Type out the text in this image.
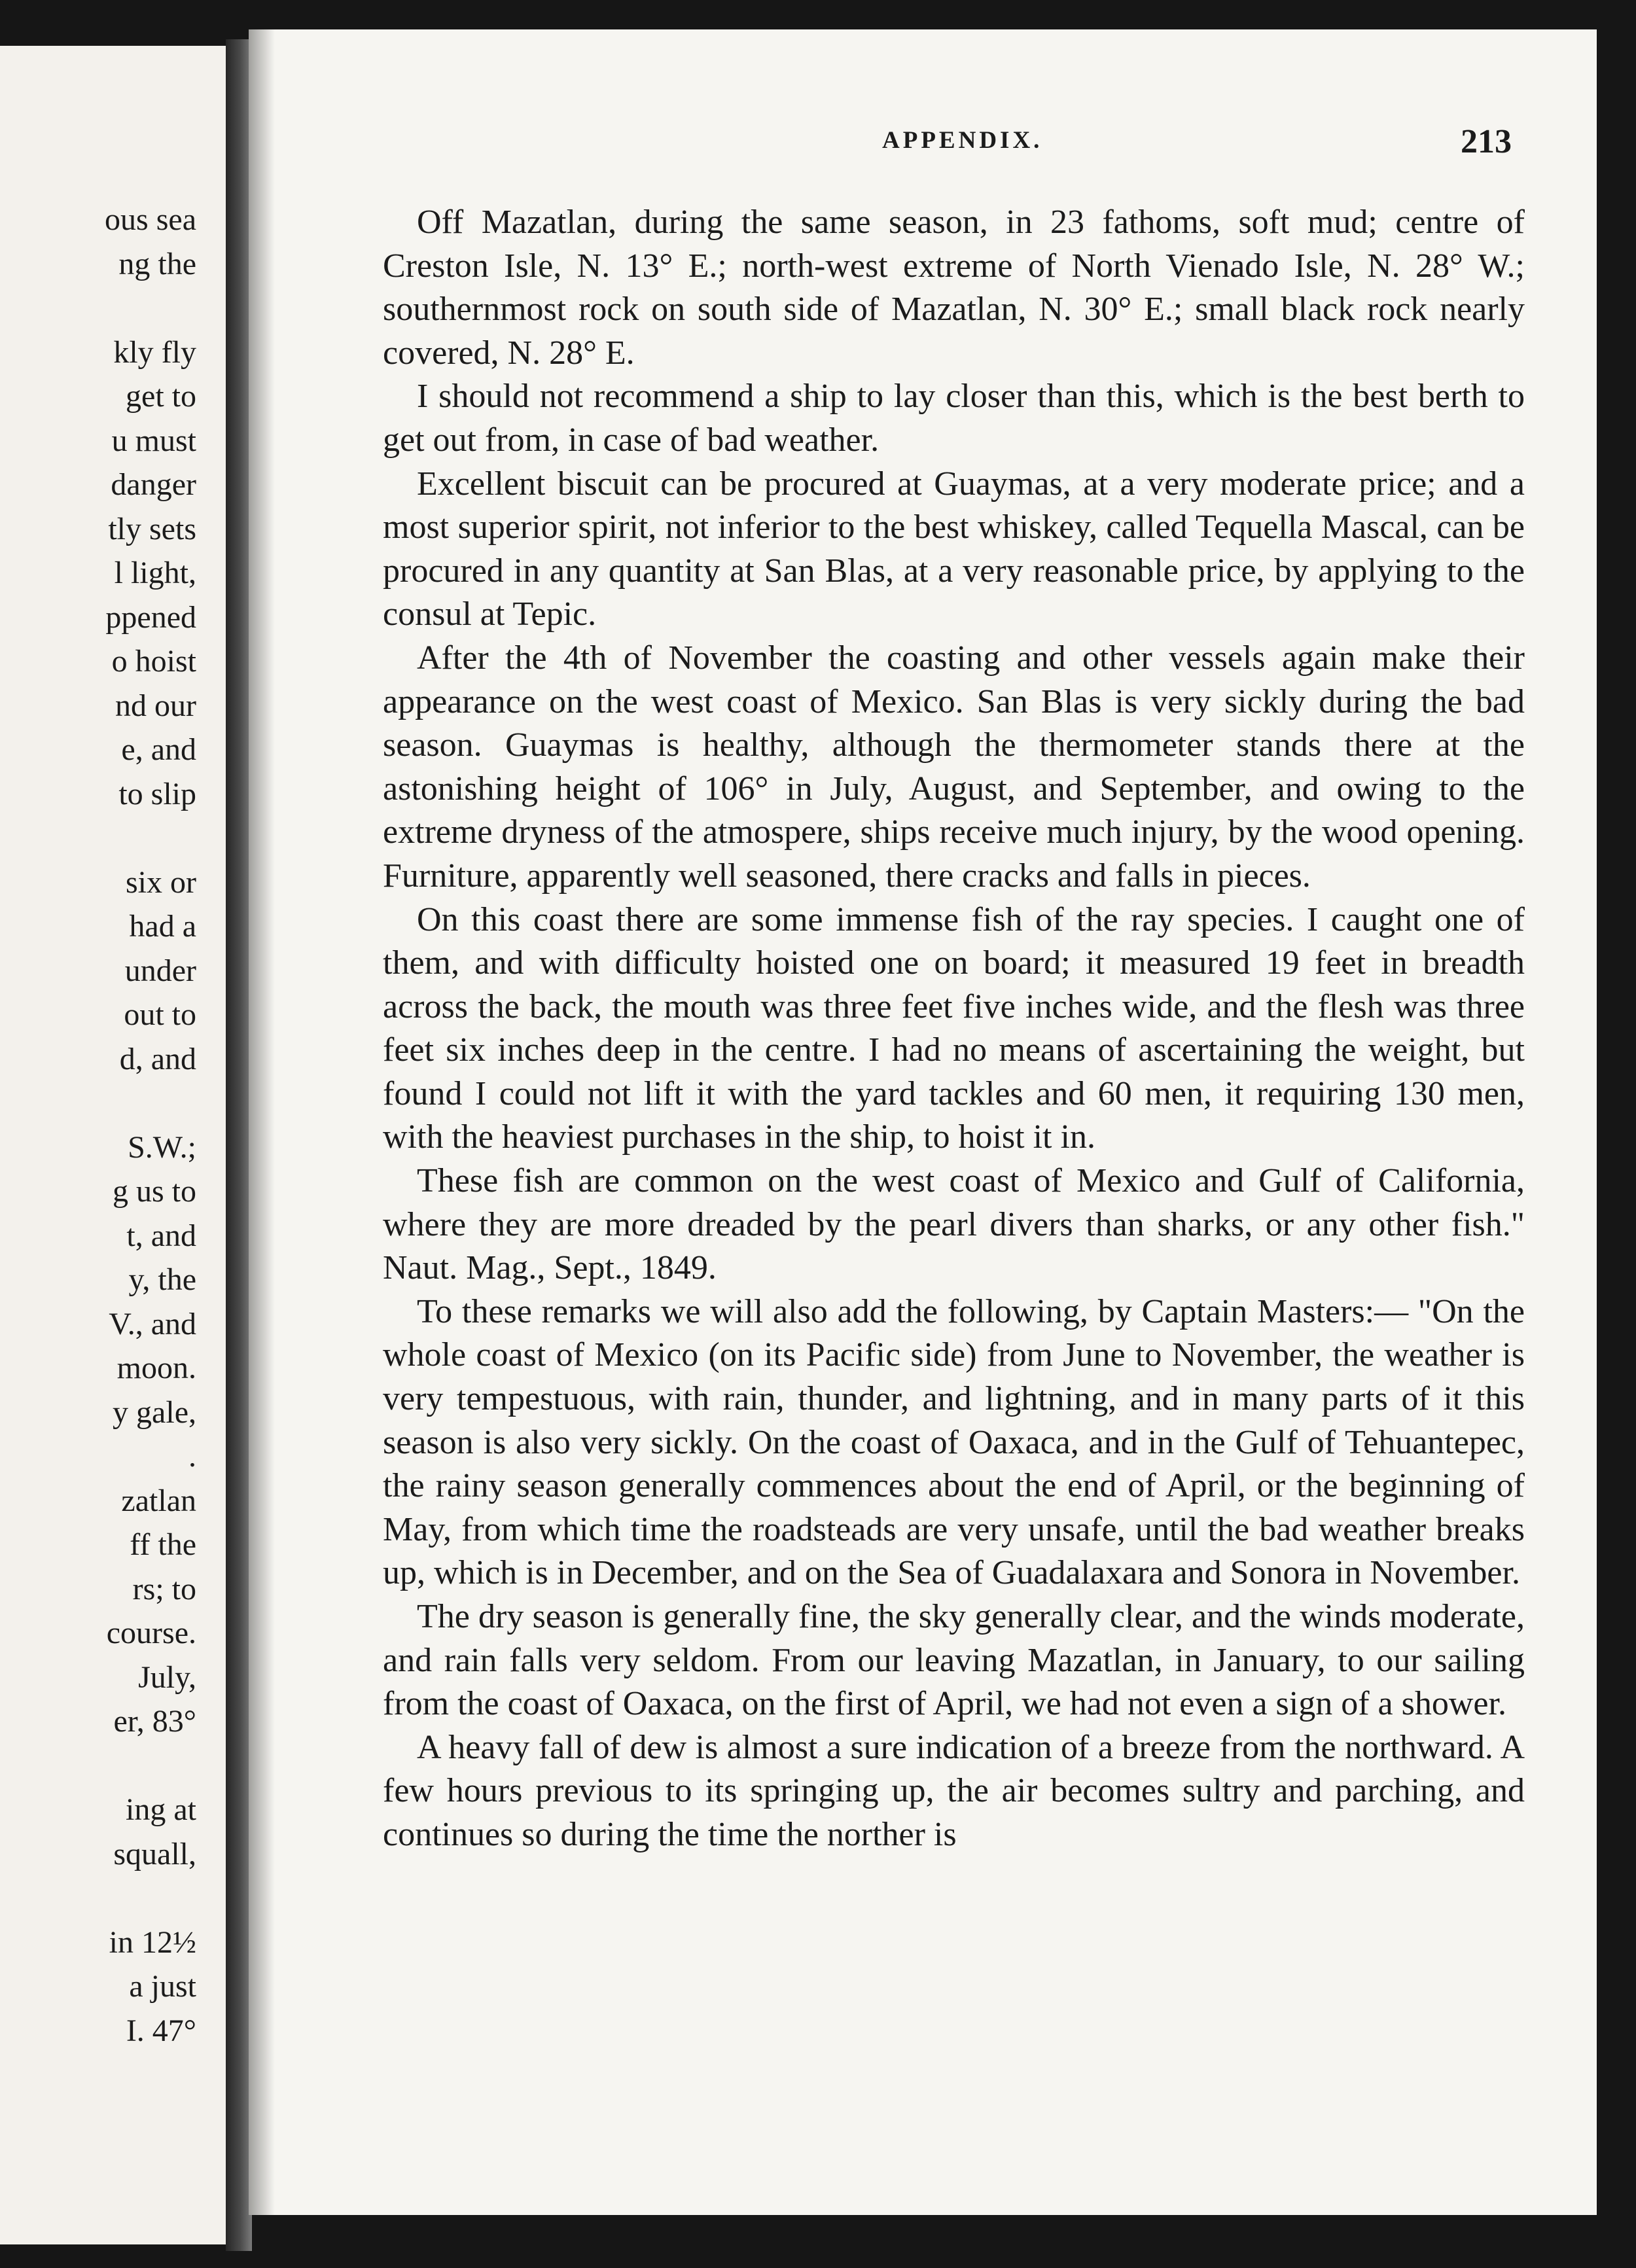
ous sea
ng the
kly fly
get to
u must
danger
tly sets
l light,
ppened
o hoist
nd our
e, and
to slip
six or
had a
under
out to
d, and
S.W.;
g us to
t, and
y, the
V., and
moon.
y gale,
.
zatlan
ff the
rs; to
course.
July,
er, 83°
ing at
squall,
in 12½
a just
I. 47°
APPENDIX.	213

Off Mazatlan, during the same season, in 23 fathoms, soft mud; centre of Creston Isle, N. 13° E.; north-west extreme of North Vienado Isle, N. 28° W.; southernmost rock on south side of Mazatlan, N. 30° E.; small black rock nearly covered, N. 28° E.

I should not recommend a ship to lay closer than this, which is the best berth to get out from, in case of bad weather.

Excellent biscuit can be procured at Guaymas, at a very moderate price; and a most superior spirit, not inferior to the best whiskey, called Tequella Mascal, can be procured in any quantity at San Blas, at a very reasonable price, by applying to the consul at Tepic.

After the 4th of November the coasting and other vessels again make their appearance on the west coast of Mexico. San Blas is very sickly during the bad season. Guaymas is healthy, although the thermometer stands there at the astonishing height of 106° in July, August, and September, and owing to the extreme dryness of the atmospere, ships receive much injury, by the wood opening. Furniture, apparently well seasoned, there cracks and falls in pieces.

On this coast there are some immense fish of the ray species. I caught one of them, and with difficulty hoisted one on board; it measured 19 feet in breadth across the back, the mouth was three feet five inches wide, and the flesh was three feet six inches deep in the centre. I had no means of ascertaining the weight, but found I could not lift it with the yard tackles and 60 men, it requiring 130 men, with the heaviest purchases in the ship, to hoist it in.

These fish are common on the west coast of Mexico and Gulf of California, where they are more dreaded by the pearl divers than sharks, or any other fish." Naut. Mag., Sept., 1849.

To these remarks we will also add the following, by Captain Masters:— "On the whole coast of Mexico (on its Pacific side) from June to November, the weather is very tempestuous, with rain, thunder, and lightning, and in many parts of it this season is also very sickly. On the coast of Oaxaca, and in the Gulf of Tehuantepec, the rainy season generally commences about the end of April, or the beginning of May, from which time the roadsteads are very unsafe, until the bad weather breaks up, which is in December, and on the Sea of Guadalaxara and Sonora in November.

The dry season is generally fine, the sky generally clear, and the winds moderate, and rain falls very seldom. From our leaving Mazatlan, in January, to our sailing from the coast of Oaxaca, on the first of April, we had not even a sign of a shower.

A heavy fall of dew is almost a sure indication of a breeze from the northward. A few hours previous to its springing up, the air becomes sultry and parching, and continues so during the time the norther is
